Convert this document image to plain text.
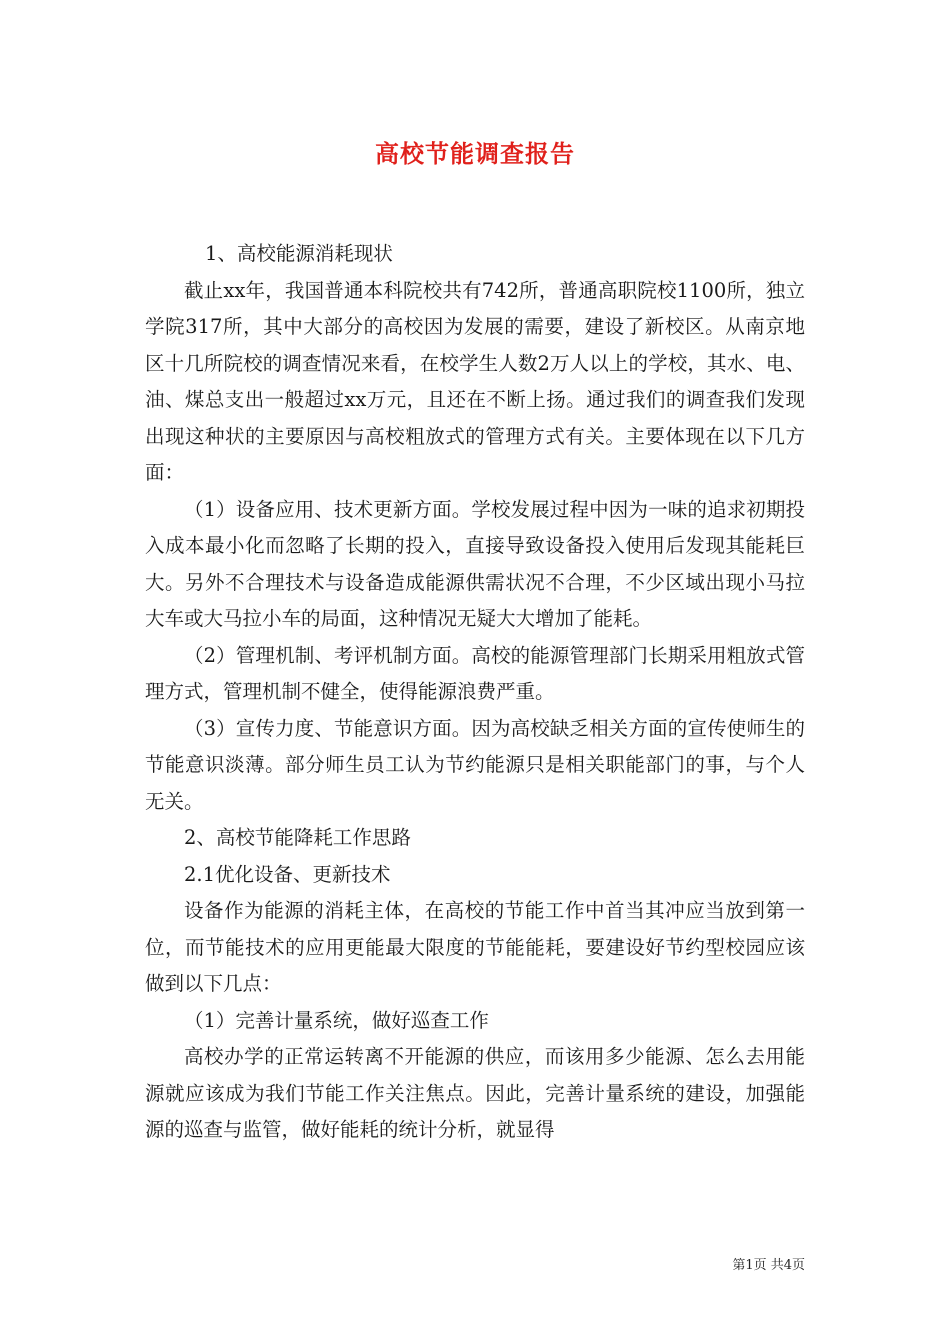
高校节能调查报告

1、高校能源消耗现状

截止xx年，我国普通本科院校共有742所，普通高职院校1100所，独立学院317所，其中大部分的高校因为发展的需要，建设了新校区。从南京地区十几所院校的调查情况来看，在校学生人数2万人以上的学校，其水、电、油、煤总支出一般超过xx万元，且还在不断上扬。通过我们的调查我们发现出现这种状的主要原因与高校粗放式的管理方式有关。主要体现在以下几方面：

（1）设备应用、技术更新方面。学校发展过程中因为一味的追求初期投入成本最小化而忽略了长期的投入，直接导致设备投入使用后发现其能耗巨大。另外不合理技术与设备造成能源供需状况不合理，不少区域出现小马拉大车或大马拉小车的局面，这种情况无疑大大增加了能耗。

（2）管理机制、考评机制方面。高校的能源管理部门长期采用粗放式管理方式，管理机制不健全，使得能源浪费严重。

（3）宣传力度、节能意识方面。因为高校缺乏相关方面的宣传使师生的节能意识淡薄。部分师生员工认为节约能源只是相关职能部门的事，与个人无关。

2、高校节能降耗工作思路

2.1优化设备、更新技术

设备作为能源的消耗主体，在高校的节能工作中首当其冲应当放到第一位，而节能技术的应用更能最大限度的节能能耗，要建设好节约型校园应该做到以下几点：

（1）完善计量系统，做好巡查工作

高校办学的正常运转离不开能源的供应，而该用多少能源、怎么去用能源就应该成为我们节能工作关注焦点。因此，完善计量系统的建设，加强能源的巡查与监管，做好能耗的统计分析，就显得

第1页 共4页
